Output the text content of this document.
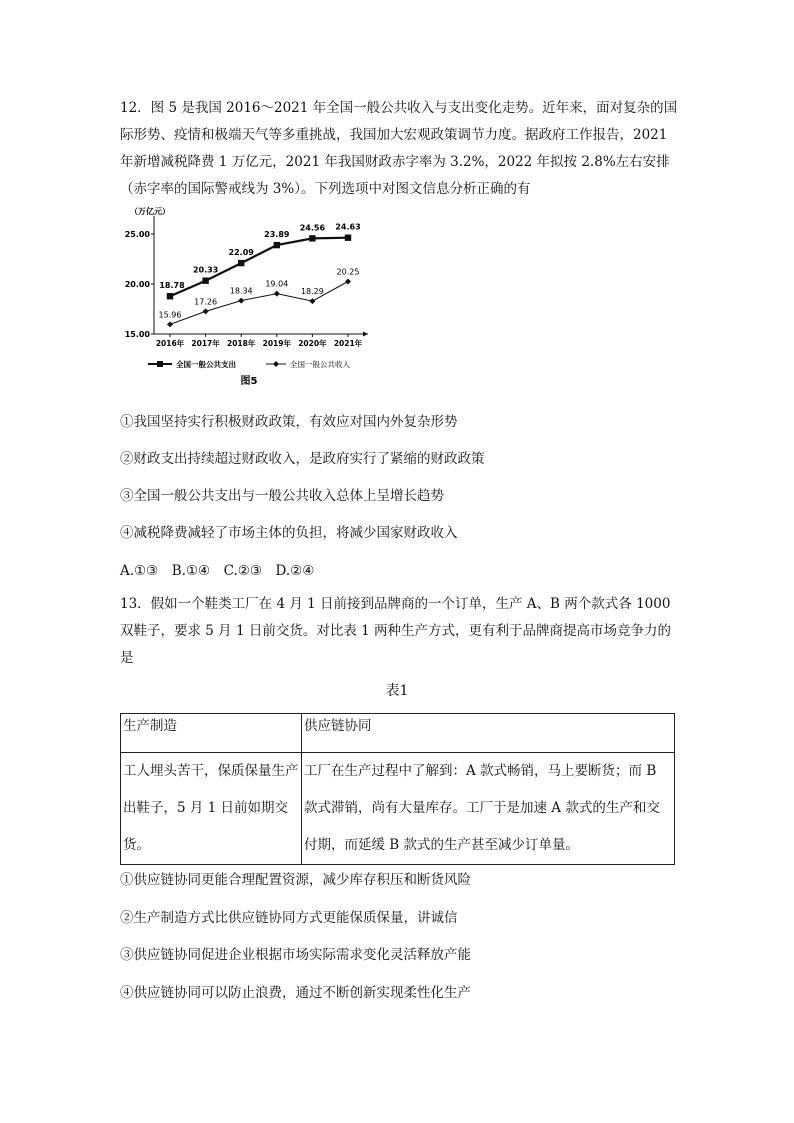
12．图 5 是我国 2016～2021 年全国一般公共收入与支出变化走势。近年来，面对复杂的国际形势、疫情和极端天气等多重挑战，我国加大宏观政策调节力度。据政府工作报告，2021 年新增减税降费 1 万亿元，2021 年我国财政赤字率为 3.2%，2022 年拟按 2.8%左右安排（赤字率的国际警戒线为 3%）。下列选项中对图文信息分析正确的有
（万亿元）
25.00
20.00
15.00
2016年 2017年 2018年 2019年 2020年 2021年
18.78
20.33
22.09
23.89
24.56 24.63
15.96
17.26
18.34
19.04
18.29
20.25
全国一般公共支出	全国一般公共收入
图5
①我国坚持实行积极财政政策，有效应对国内外复杂形势
②财政支出持续超过财政收入，是政府实行了紧缩的财政政策
③全国一般公共支出与一般公共收入总体上呈增长趋势
④减税降费减轻了市场主体的负担，将减少国家财政收入
A.①③　B.①④　C.②③　D.②④
13．假如一个鞋类工厂在 4 月 1 日前接到品牌商的一个订单，生产 A、B 两个款式各 1000 双鞋子，要求 5 月 1 日前交货。对比表 1 两种生产方式，更有利于品牌商提高市场竞争力的是
表1
生产制造	供应链协同
工人埋头苦干，保质保量生产出鞋子，5 月 1 日前如期交货。	工厂在生产过程中了解到：A 款式畅销，马上要断货；而 B 款式滞销，尚有大量库存。工厂于是加速 A 款式的生产和交付期，而延缓 B 款式的生产甚至减少订单量。
①供应链协同更能合理配置资源，减少库存积压和断货风险
②生产制造方式比供应链协同方式更能保质保量，讲诚信
③供应链协同促进企业根据市场实际需求变化灵活释放产能
④供应链协同可以防止浪费，通过不断创新实现柔性化生产
